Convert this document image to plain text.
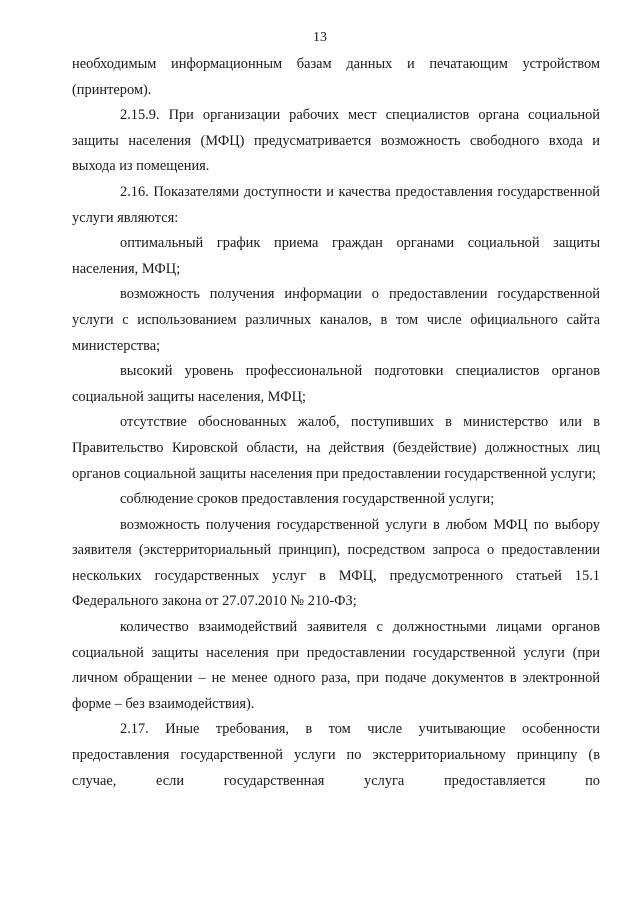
13

необходимым информационным базам данных и печатающим устройством (принтером).

2.15.9. При организации рабочих мест специалистов органа социальной защиты населения (МФЦ) предусматривается возможность свободного входа и выхода из помещения.

2.16. Показателями доступности и качества предоставления государственной услуги являются:

оптимальный график приема граждан органами социальной защиты населения, МФЦ;

возможность получения информации о предоставлении государственной услуги с использованием различных каналов, в том числе официального сайта министерства;

высокий уровень профессиональной подготовки специалистов органов социальной защиты населения, МФЦ;

отсутствие обоснованных жалоб, поступивших в министерство или в Правительство Кировской области, на действия (бездействие) должностных лиц органов социальной защиты населения при предоставлении государственной услуги;

соблюдение сроков предоставления государственной услуги;

возможность получения государственной услуги в любом МФЦ по выбору заявителя (экстерриториальный принцип), посредством запроса о предоставлении нескольких государственных услуг в МФЦ, предусмотренного статьей 15.1 Федерального закона от 27.07.2010 № 210-ФЗ;

количество взаимодействий заявителя с должностными лицами органов социальной защиты населения при предоставлении государственной услуги (при личном обращении – не менее одного раза, при подаче документов в электронной форме – без взаимодействия).

2.17. Иные требования, в том числе учитывающие особенности предоставления государственной услуги по экстерриториальному принципу (в случае, если государственная услуга предоставляется по
